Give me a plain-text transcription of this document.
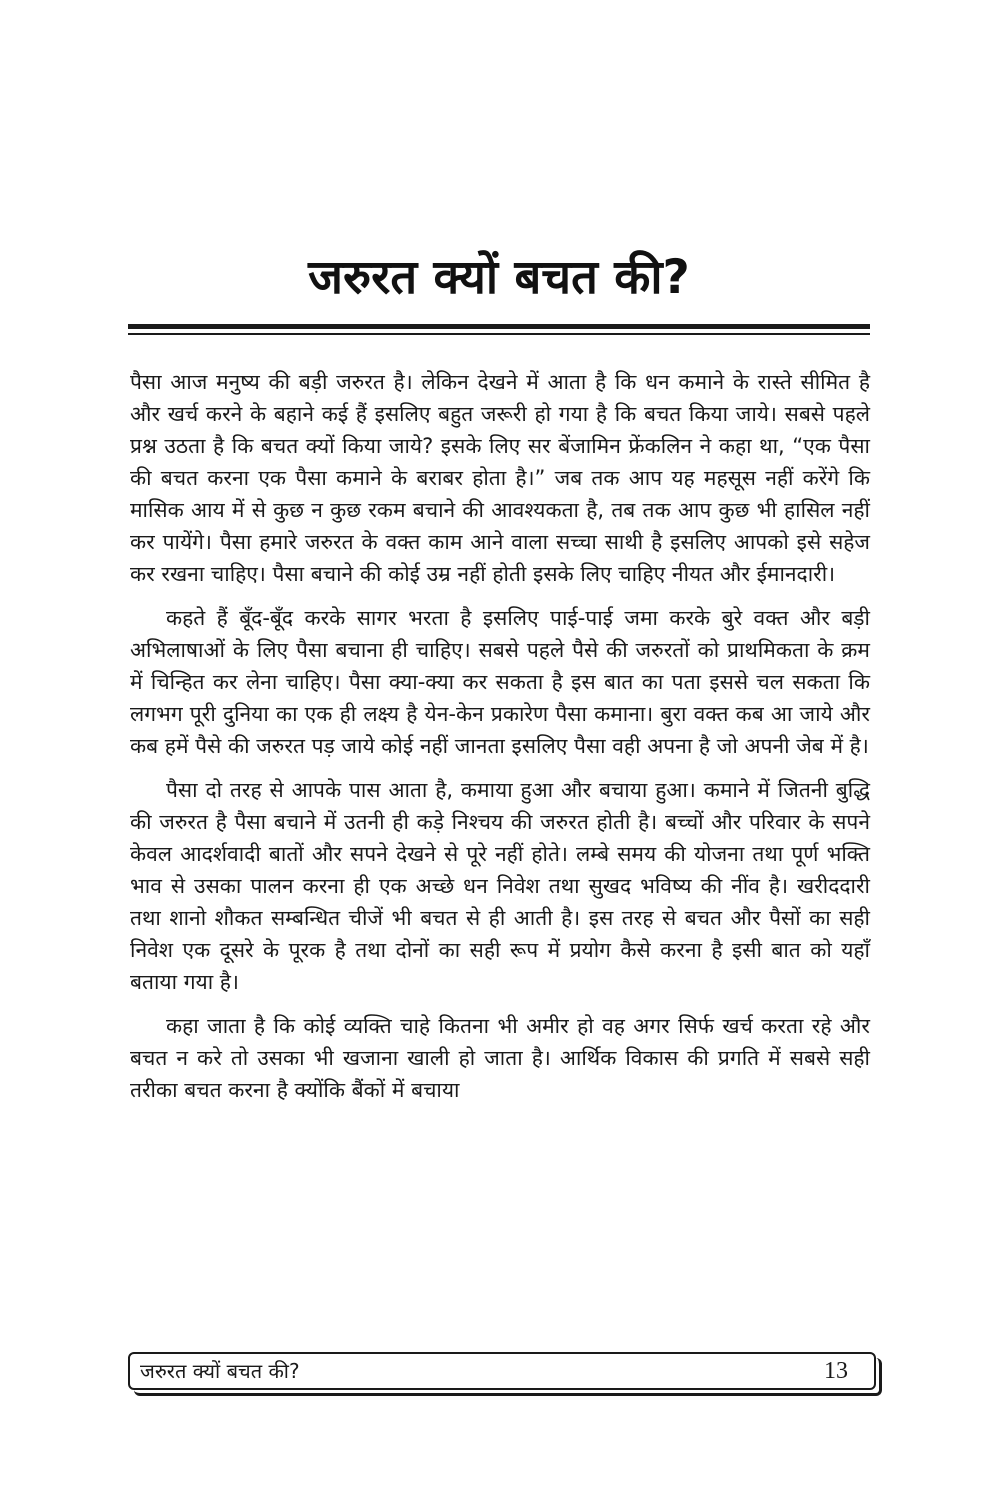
जरुरत क्यों बचत की?

पैसा आज मनुष्य की बड़ी जरुरत है। लेकिन देखने में आता है कि धन कमाने के रास्ते सीमित है और खर्च करने के बहाने कई हैं इसलिए बहुत जरूरी हो गया है कि बचत किया जाये। सबसे पहले प्रश्न उठता है कि बचत क्यों किया जाये? इसके लिए सर बेंजामिन फ्रेंकलिन ने कहा था, “एक पैसा की बचत करना एक पैसा कमाने के बराबर होता है।” जब तक आप यह महसूस नहीं करेंगे कि मासिक आय में से कुछ न कुछ रकम बचाने की आवश्यकता है, तब तक आप कुछ भी हासिल नहीं कर पायेंगे। पैसा हमारे जरुरत के वक्त काम आने वाला सच्चा साथी है इसलिए आपको इसे सहेज कर रखना चाहिए। पैसा बचाने की कोई उम्र नहीं होती इसके लिए चाहिए नीयत और ईमानदारी।

कहते हैं बूँद-बूँद करके सागर भरता है इसलिए पाई-पाई जमा करके बुरे वक्त और बड़ी अभिलाषाओं के लिए पैसा बचाना ही चाहिए। सबसे पहले पैसे की जरुरतों को प्राथमिकता के क्रम में चिन्हित कर लेना चाहिए। पैसा क्या-क्या कर सकता है इस बात का पता इससे चल सकता कि लगभग पूरी दुनिया का एक ही लक्ष्य है येन-केन प्रकारेण पैसा कमाना। बुरा वक्त कब आ जाये और कब हमें पैसे की जरुरत पड़ जाये कोई नहीं जानता इसलिए पैसा वही अपना है जो अपनी जेब में है।

पैसा दो तरह से आपके पास आता है, कमाया हुआ और बचाया हुआ। कमाने में जितनी बुद्धि की जरुरत है पैसा बचाने में उतनी ही कड़े निश्चय की जरुरत होती है। बच्चों और परिवार के सपने केवल आदर्शवादी बातों और सपने देखने से पूरे नहीं होते। लम्बे समय की योजना तथा पूर्ण भक्ति भाव से उसका पालन करना ही एक अच्छे धन निवेश तथा सुखद भविष्य की नींव है। खरीददारी तथा शानो शौकत सम्बन्धित चीजें भी बचत से ही आती है। इस तरह से बचत और पैसों का सही निवेश एक दूसरे के पूरक है तथा दोनों का सही रूप में प्रयोग कैसे करना है इसी बात को यहाँ बताया गया है।

कहा जाता है कि कोई व्यक्ति चाहे कितना भी अमीर हो वह अगर सिर्फ खर्च करता रहे और बचत न करे तो उसका भी खजाना खाली हो जाता है। आर्थिक विकास की प्रगति में सबसे सही तरीका बचत करना है क्योंकि बैंकों में बचाया

जरुरत क्यों बचत की?	13
